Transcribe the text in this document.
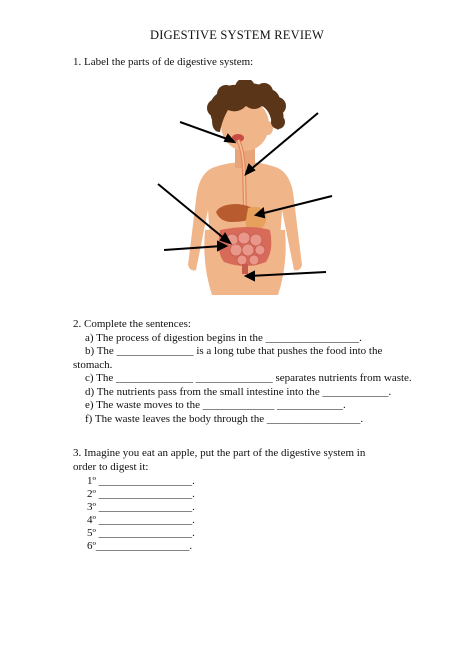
DIGESTIVE SYSTEM REVIEW
1. Label the parts of de digestive system:

2. Complete the sentences:

a) The process of digestion begins in the _________________.

b) The ______________ is a long tube that pushes the food into the

stomach.

c) The ______________ ______________ separates nutrients from waste.

d) The nutrients pass from the small intestine into the ____________.

e) The waste moves to the _____________ ____________.

f) The waste leaves the body through the _________________.

3. Imagine you eat an apple, put the part of the digestive system in

order to digest it:

1º _________________.

2º _________________.

3º _________________.

4º _________________.

5º _________________.

6º_________________.
